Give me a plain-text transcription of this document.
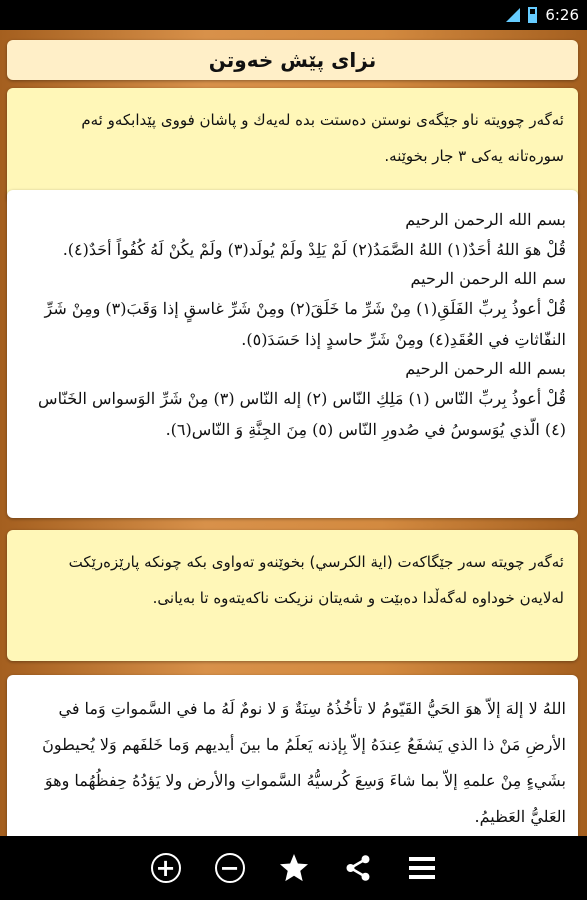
6:26
نزای پێش خەوتن

ئەگەر چوویتە ناو جێگەی نوستن دەستت بدە لەیەك و پاشان فووی پێدابکەو ئەم سورەتانە یەکی ٣ جار بخوێنە.

بسم الله الرحمن الرحيم

قُلْ هوَ اللهُ أحَدٌ(١) اللهُ الصَّمَدُ(٢) لَمْ يَلِدْ ولَمْ يُولَد(٣) ولَمْ يكُنْ لَهُ كُفُواً أحَدٌ(٤).

سم الله الرحمن الرحيم

قُلْ أعوذُ بِربِّ الفَلَقِ(١) مِنْ شَرِّ ما خَلَقَ(٢) ومِنْ شَرِّ غاسقٍ إذا وَقَبَ(٣) ومِنْ شَرِّ النفّاثاتِ في العُقَدِ(٤) ومِنْ شَرِّ حاسدٍ إذا حَسَدَ(٥).

بسم الله الرحمن الرحيم

قُلْ أعوذُ بِربِّ النّاس (١) مَلِكِ النّاس (٢) إله النّاس (٣) مِنْ شَرِّ الوَسواس الخَنّاس (٤) الّذي يُوَسوسُ في صُدورِ النّاس (٥) مِنَ الجِنَّةِ وَ النّاس(٦).

ئەگەر چویتە سەر جێگاکەت (اية الكرسي) بخوێنەو تەواوی بکە چونکە پارێزەرێکت لەلایەن خوداوە لەگەڵدا دەبێت و شەیتان نزیکت ناکەیتەوە تا بەیانی.

اللهُ لا إلهَ إلاّ هوَ الحَيُّ القَيّومُ لا تأخُذُهُ سِنَةٌ وَ لا نومٌ لَهُ ما في السَّمواتِ وَما في الأرضِ مَنْ ذا الذي يَشفَعُ عِندَهُ إلاّ بِإذنه يَعلَمُ ما بينَ أيديهم وَما خَلفَهم وَلا يُحيطونَ بشَيءٍ مِنْ علمهِ إلاّ بما شاءَ وَسِعَ كُرسيُّهُ السَّمواتِ والأرض ولا يَؤدُهُ حِفظُهُما وهوَ العَليُّ العَظيمُ.

+ −
